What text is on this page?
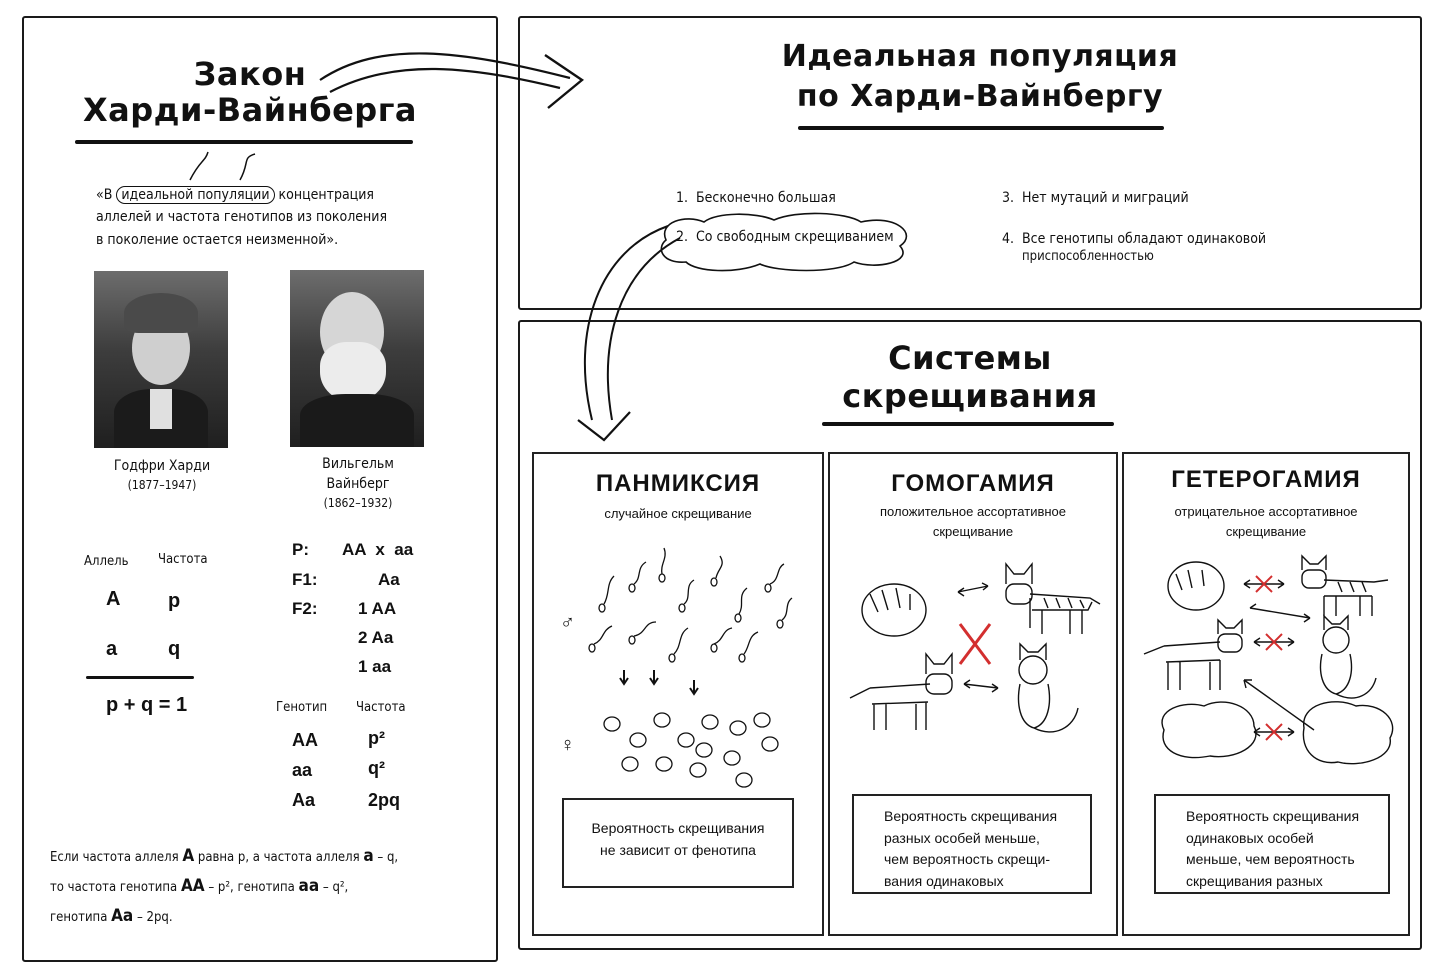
Закон
Харди-Вайнберга
«В идеальной популяции концентрация
аллелей и частота генотипов из поколения
в поколение остается неизменной».
Годфри Харди
(1877–1947)
Вильгельм
Вайнберг
(1862–1932)
Аллель Частота
A p
a	q
p + q = 1
P: AA  x  aa
F1:	Aa
F2: 1 AA
2 Aa
1 aa
Генотип Частота
AA	p²
aa	q²
Aa	2pq
Если частота аллеля A равна p, а частота аллеля a – q,
то частота генотипа AA – p², генотипа aa – q²,
генотипа Aa – 2pq.
Идеальная популяция
по Харди-Вайнбергу
1.  Бесконечно большая
2.  Со свободным скрещиванием
3.  Нет мутаций и миграций
4.  Все генотипы обладают одинаковой
приспособленностью
Системы
скрещивания
ПАНМИКСИЯ
случайное скрещивание
♂
♀
Вероятность скрещивания
не зависит от фенотипа
ГОМОГАМИЯ
положительное ассортативное
скрещивание
Вероятность скрещивания
разных особей меньше,
чем вероятность скрещи-
вания одинаковых
ГЕТЕРОГАМИЯ
отрицательное ассортативное
скрещивание
Вероятность скрещивания
одинаковых особей
меньше, чем вероятность
скрещивания разных
